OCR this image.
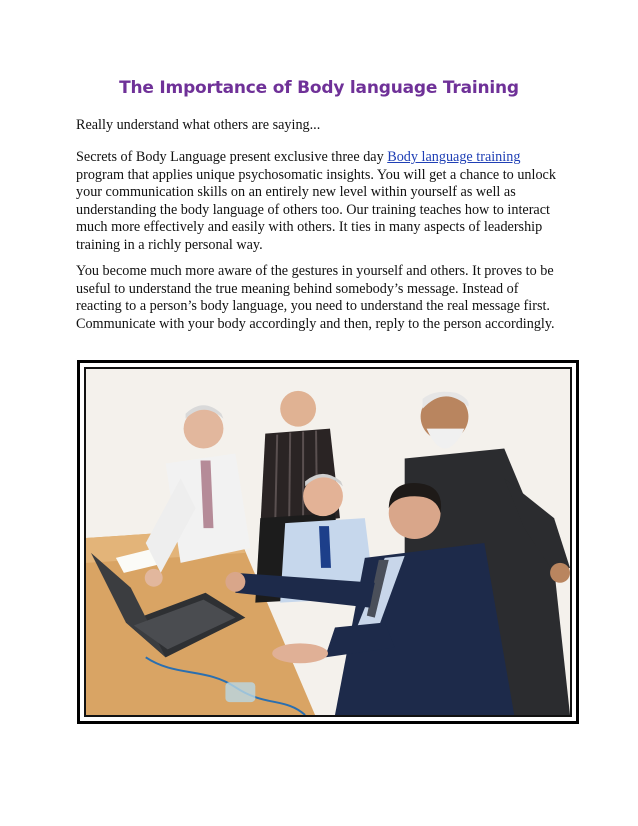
The Importance of Body language Training

Really understand what others are saying...

Secrets of Body Language present exclusive three day Body language training program that applies unique psychosomatic insights. You will get a chance to unlock your communication skills on an entirely new level within yourself as well as understanding the body language of others too. Our training teaches how to interact much more effectively and easily with others. It ties in many aspects of leadership training in a richly personal way.

You become much more aware of the gestures in yourself and others. It proves to be useful to understand the true meaning behind somebody’s message. Instead of reacting to a person’s body language, you need to understand the real message first. Communicate with your body accordingly and then, reply to the person accordingly.
